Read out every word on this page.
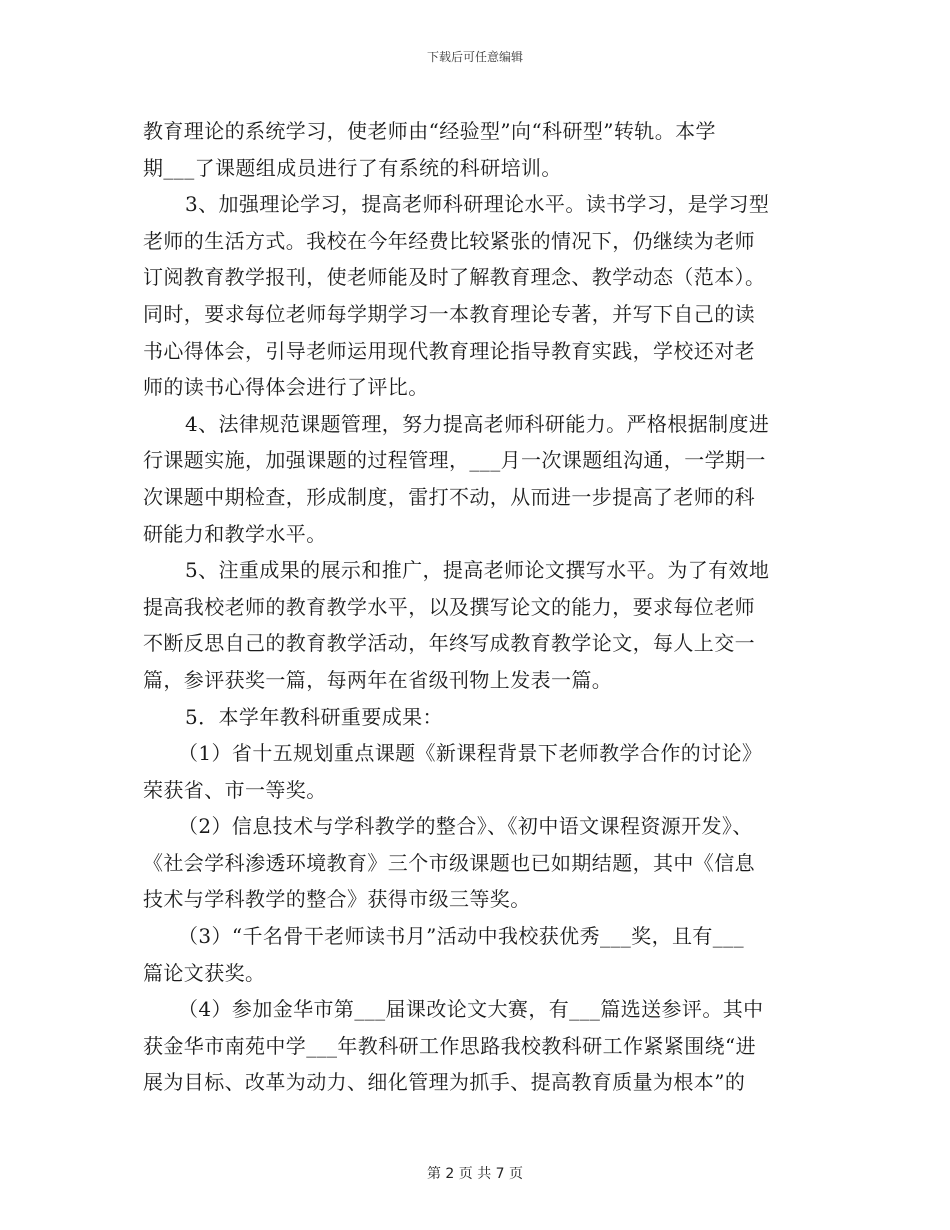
下载后可任意编辑
教育理论的系统学习，使老师由“经验型”向“科研型”转轨。本学
期___了课题组成员进行了有系统的科研培训。
3、加强理论学习，提高老师科研理论水平。读书学习，是学习型
老师的生活方式。我校在今年经费比较紧张的情况下，仍继续为老师
订阅教育教学报刊，使老师能及时了解教育理念、教学动态（范本）。
同时，要求每位老师每学期学习一本教育理论专著，并写下自己的读
书心得体会，引导老师运用现代教育理论指导教育实践，学校还对老
师的读书心得体会进行了评比。
4、法律规范课题管理，努力提高老师科研能力。严格根据制度进
行课题实施，加强课题的过程管理，___月一次课题组沟通，一学期一
次课题中期检查，形成制度，雷打不动，从而进一步提高了老师的科
研能力和教学水平。
5、注重成果的展示和推广，提高老师论文撰写水平。为了有效地
提高我校老师的教育教学水平，以及撰写论文的能力，要求每位老师
不断反思自己的教育教学活动，年终写成教育教学论文，每人上交一
篇，参评获奖一篇，每两年在省级刊物上发表一篇。
5．本学年教科研重要成果：
（1）省十五规划重点课题《新课程背景下老师教学合作的讨论》
荣获省、市一等奖。
（2）信息技术与学科教学的整合》、《初中语文课程资源开发》、
《社会学科渗透环境教育》三个市级课题也已如期结题，其中《信息
技术与学科教学的整合》获得市级三等奖。
（3）“千名骨干老师读书月”活动中我校获优秀___奖，且有___
篇论文获奖。
（4）参加金华市第___届课改论文大赛，有___篇选送参评。其中
获金华市南苑中学___年教科研工作思路我校教科研工作紧紧围绕“进
展为目标、改革为动力、细化管理为抓手、提高教育质量为根本”的
第 2 页 共 7 页
